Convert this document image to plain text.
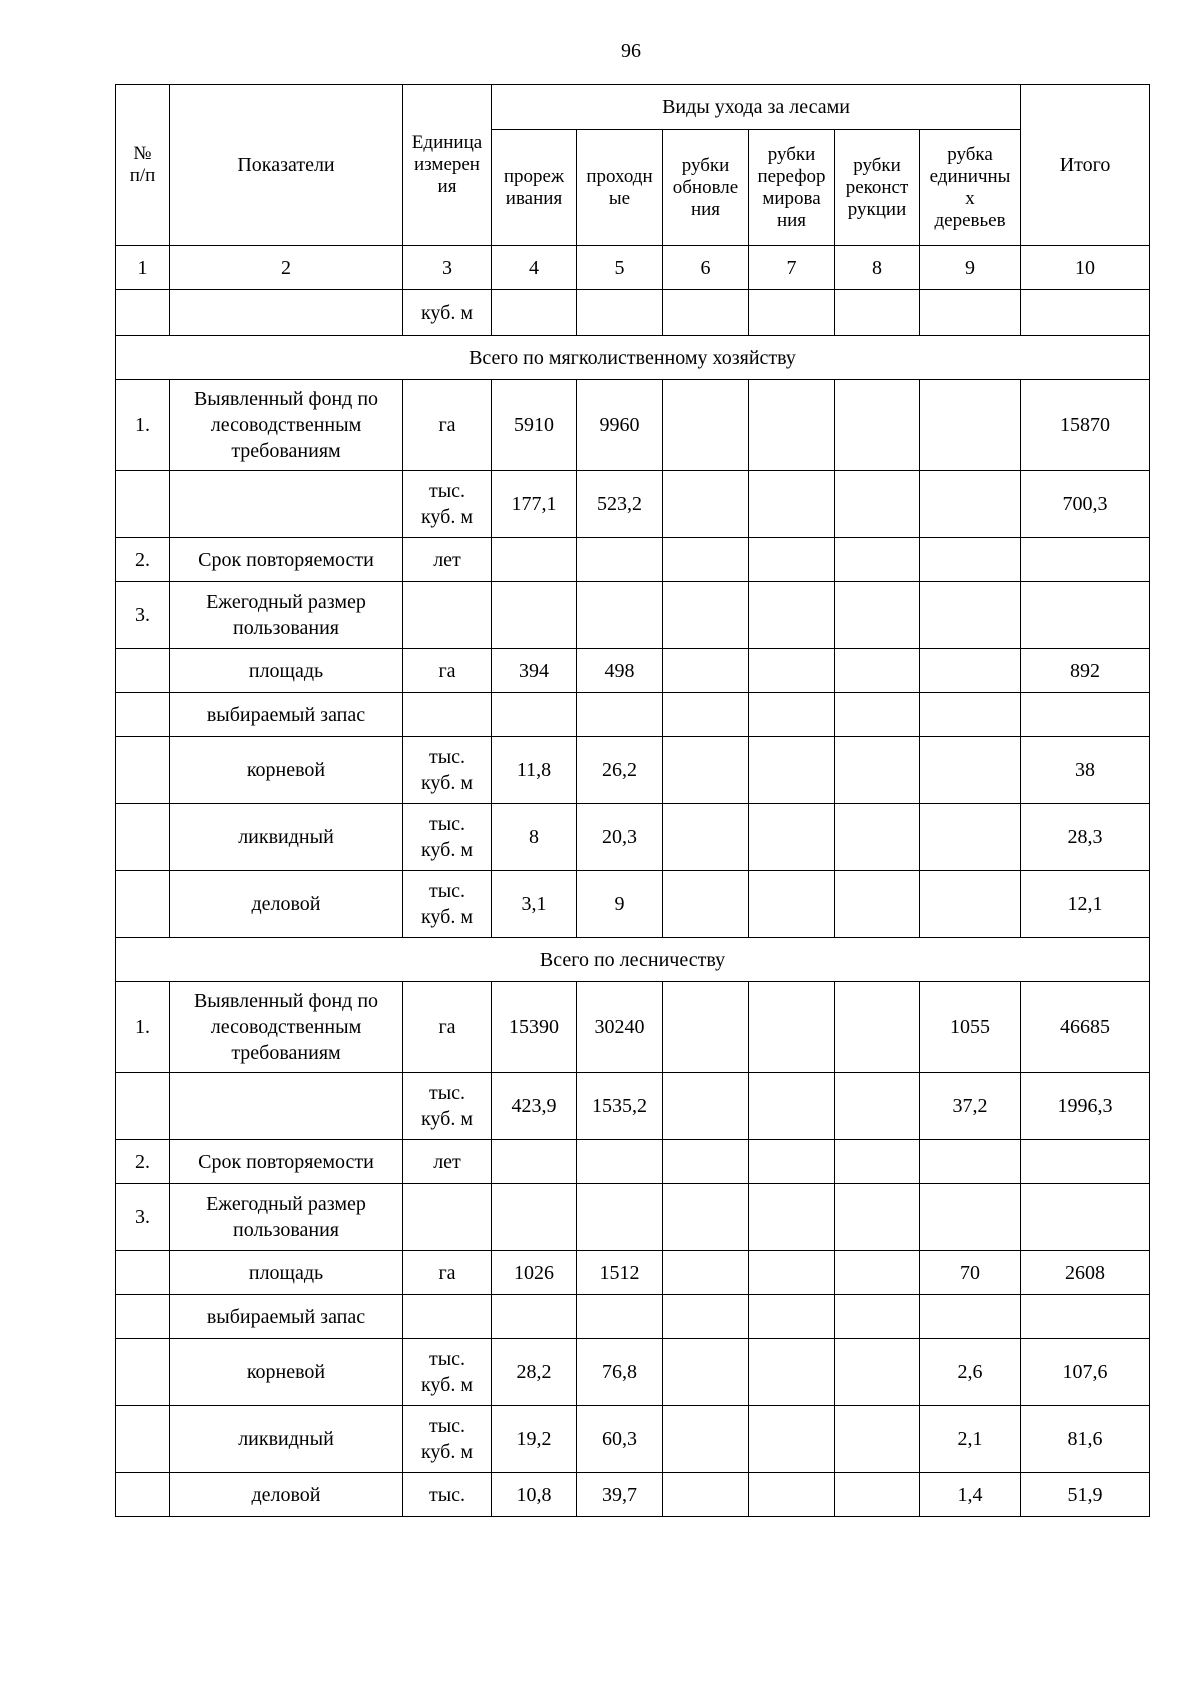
96
№
п/п	Показатели	Единица
измерен
ия	Виды ухода за лесами						Итого
			прореж
ивания	проходн
ые	рубки
обновле
ния	рубки
перефор
мирова
ния	рубки
реконст
рукции	рубка
единичны
х
деревьев	
1	2	3	4	5	6	7	8	9	10
		куб. м							
Всего по мягколиственному хозяйству									
1.	Выявленный фонд по
лесоводственным
требованиям	га	5910	9960					15870
		тыс.
куб. м	177,1	523,2					700,3
2.	Срок повторяемости	лет							
3.	Ежегодный размер
пользования								
	площадь	га	394	498					892
	выбираемый запас								
	корневой	тыс.
куб. м	11,8	26,2					38
	ликвидный	тыс.
куб. м	8	20,3					28,3
	деловой	тыс.
куб. м	3,1	9					12,1
Всего по лесничеству									
1.	Выявленный фонд по
лесоводственным
требованиям	га	15390	30240				1055	46685
		тыс.
куб. м	423,9	1535,2				37,2	1996,3
2.	Срок повторяемости	лет							
3.	Ежегодный размер
пользования								
	площадь	га	1026	1512				70	2608
	выбираемый запас								
	корневой	тыс.
куб. м	28,2	76,8				2,6	107,6
	ликвидный	тыс.
куб. м	19,2	60,3				2,1	81,6
	деловой	тыс.	10,8	39,7				1,4	51,9
